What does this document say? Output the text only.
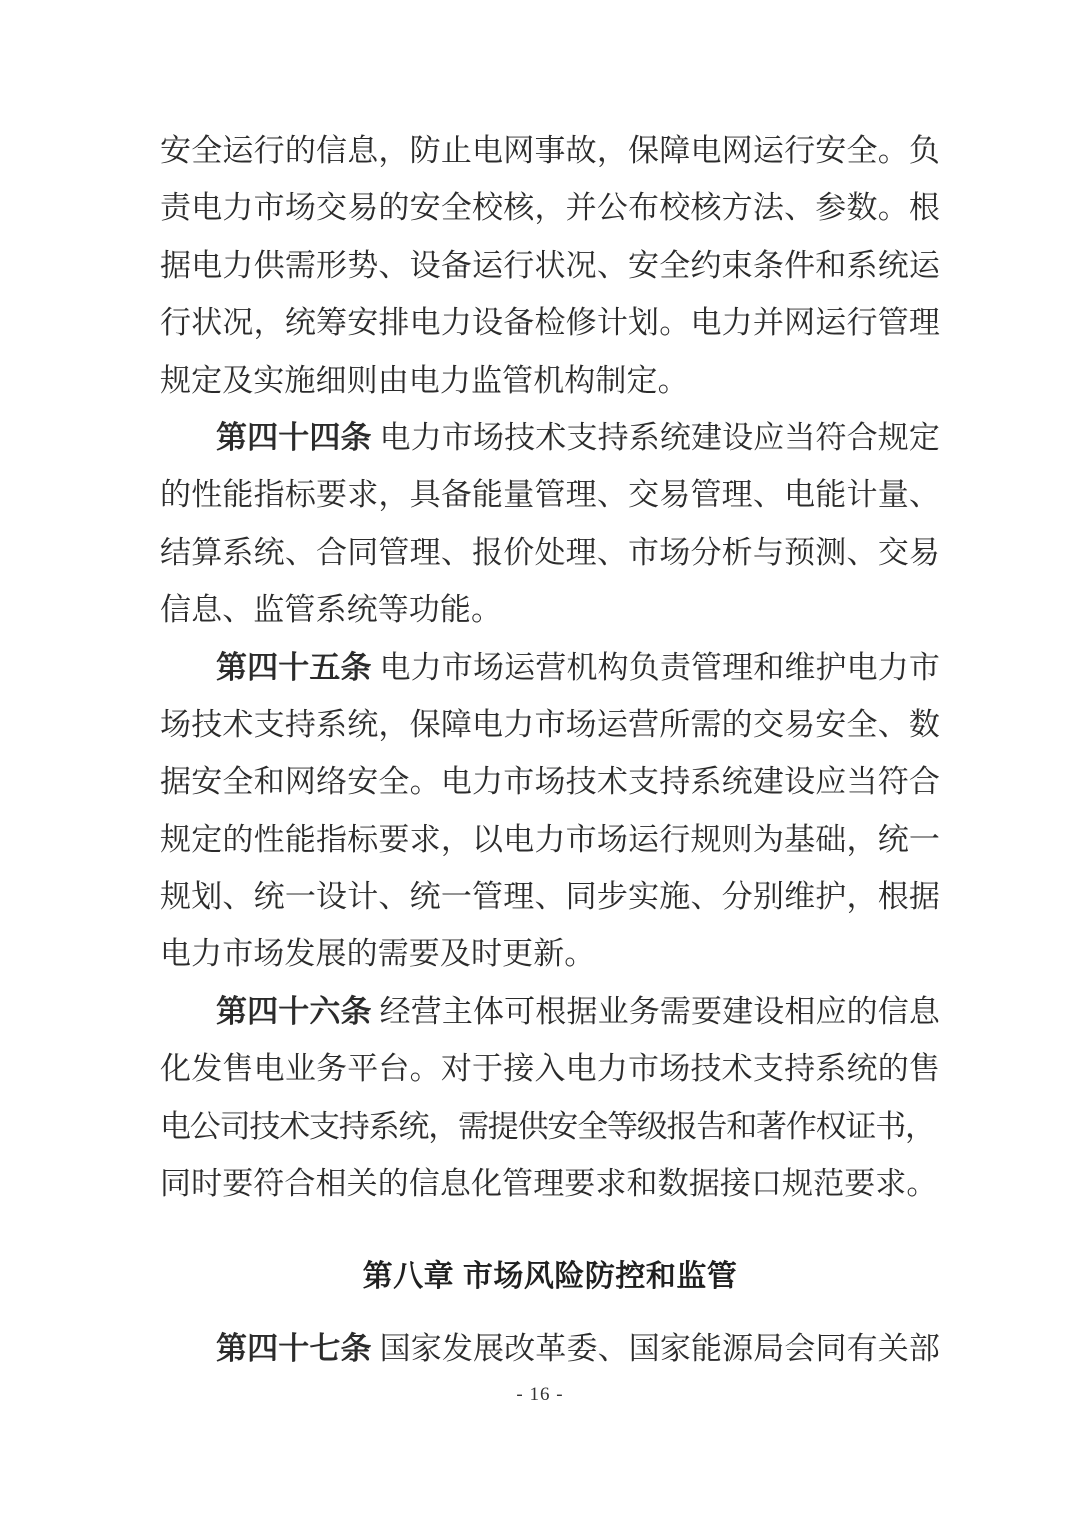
安全运行的信息，防止电网事故，保障电网运行安全。负
责电力市场交易的安全校核，并公布校核方法、参数。根
据电力供需形势、设备运行状况、安全约束条件和系统运
行状况，统筹安排电力设备检修计划。电力并网运行管理
规定及实施细则由电力监管机构制定。
第四十四条 电力市场技术支持系统建设应当符合规定
的性能指标要求，具备能量管理、交易管理、电能计量、
结算系统、合同管理、报价处理、市场分析与预测、交易
信息、监管系统等功能。
第四十五条 电力市场运营机构负责管理和维护电力市
场技术支持系统，保障电力市场运营所需的交易安全、数
据安全和网络安全。电力市场技术支持系统建设应当符合
规定的性能指标要求，以电力市场运行规则为基础，统一
规划、统一设计、统一管理、同步实施、分别维护，根据
电力市场发展的需要及时更新。
第四十六条 经营主体可根据业务需要建设相应的信息
化发售电业务平台。对于接入电力市场技术支持系统的售
电公司技术支持系统，需提供安全等级报告和著作权证书，
同时要符合相关的信息化管理要求和数据接口规范要求。
第八章 市场风险防控和监管
第四十七条 国家发展改革委、国家能源局会同有关部
- 16 -
